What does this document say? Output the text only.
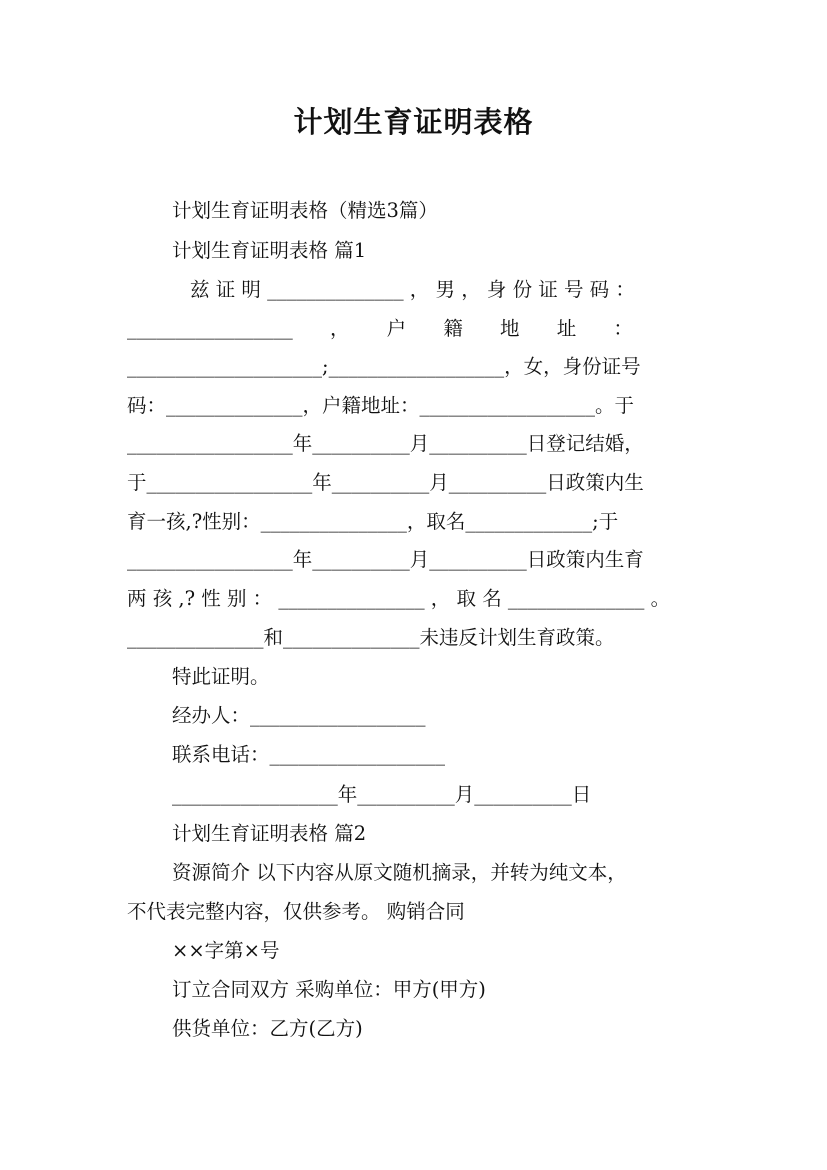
计划生育证明表格
计划生育证明表格（精选3篇）
计划生育证明表格 篇1
兹 证 明 ______________ ， 男 ， 身 份 证 号 码 ：
_________________      ，      户      籍      地      址      ：
____________________;__________________，女，身份证号
码：______________，户籍地址：__________________。于
_________________年__________月__________日登记结婚，
于_________________年__________月__________日政策内生
育一孩,?性别：_______________，取名_____________;于
_________________年__________月__________日政策内生育
两 孩 ,? 性 别 ： _______________ ， 取 名 ______________ 。
______________和______________未违反计划生育政策。
特此证明。
经办人：__________________
联系电话：__________________
_________________年__________月__________日
计划生育证明表格 篇2
资源简介 以下内容从原文随机摘录，并转为纯文本，
不代表完整内容，仅供参考。 购销合同
××字第×号
订立合同双方 采购单位：甲方(甲方)
供货单位：乙方(乙方)
